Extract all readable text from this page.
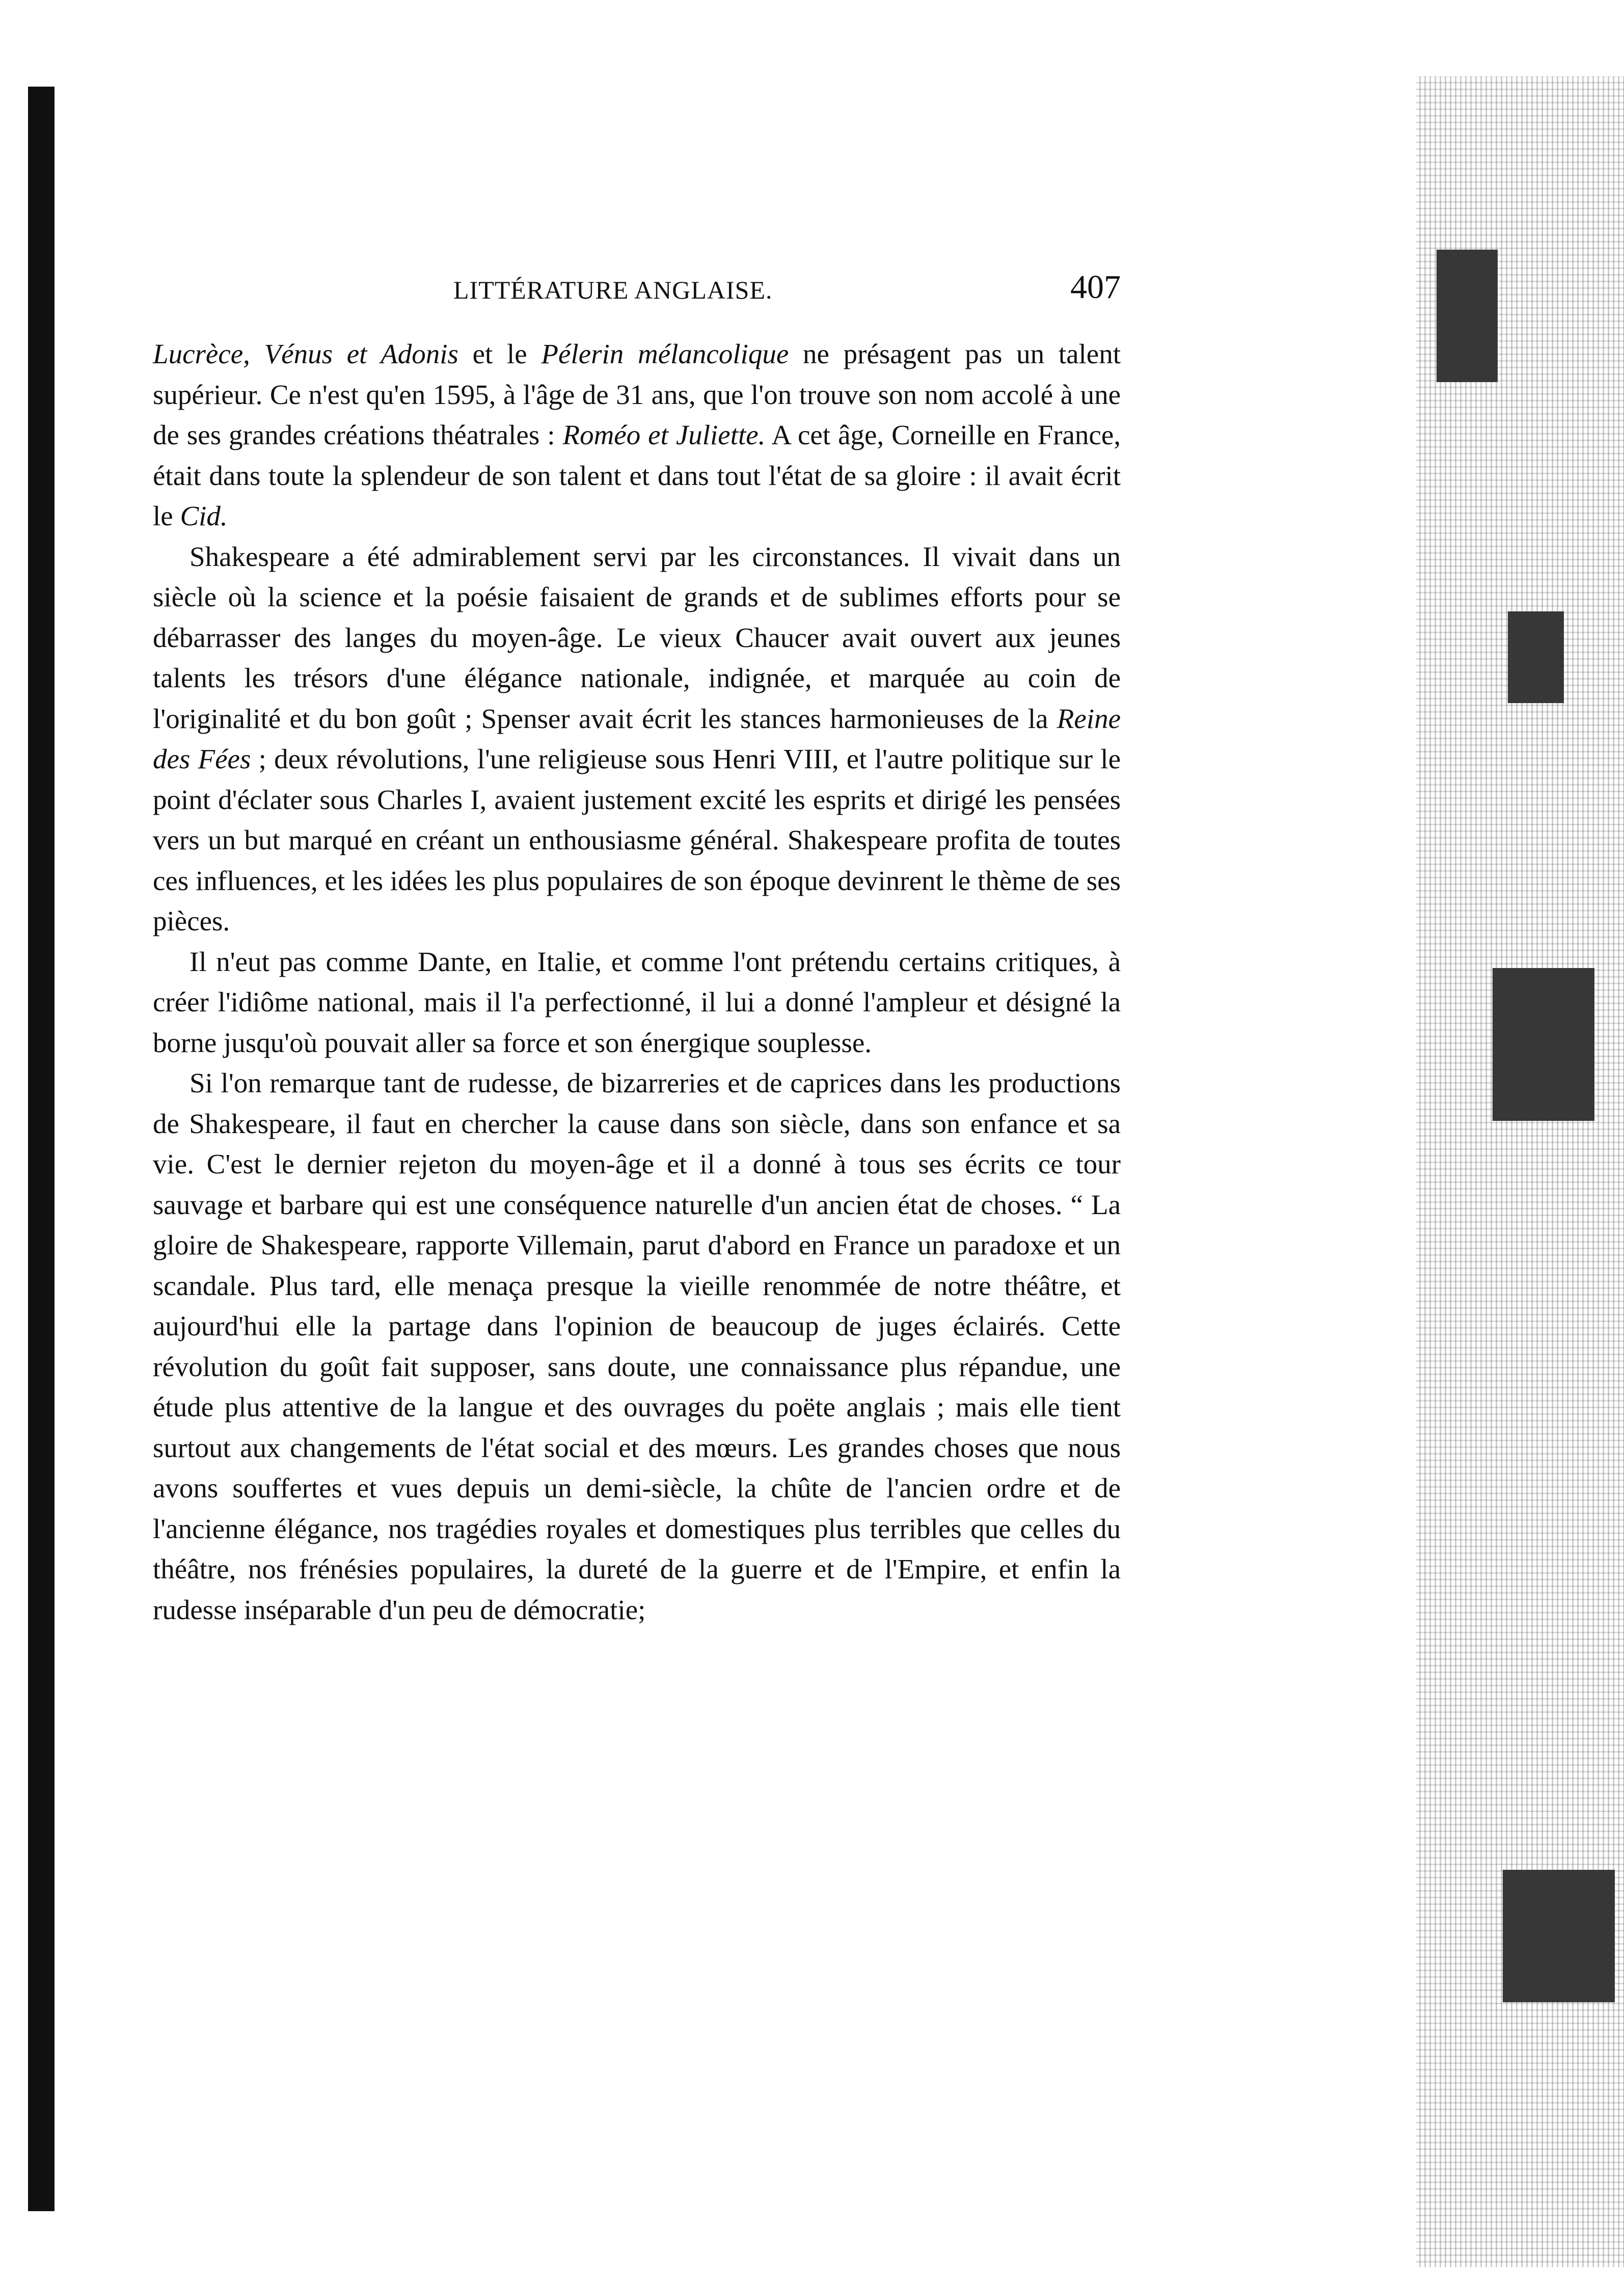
LITTÉRATURE ANGLAISE.	407

Lucrèce, Vénus et Adonis et le Pélerin mélancolique ne présagent pas un talent supérieur. Ce n'est qu'en 1595, à l'âge de 31 ans, que l'on trouve son nom accolé à une de ses grandes créations théatrales : Roméo et Juliette. A cet âge, Corneille en France, était dans toute la splendeur de son talent et dans tout l'état de sa gloire : il avait écrit le Cid.

Shakespeare a été admirablement servi par les circonstances. Il vivait dans un siècle où la science et la poésie faisaient de grands et de sublimes efforts pour se débarrasser des langes du moyen-âge. Le vieux Chaucer avait ouvert aux jeunes talents les trésors d'une élégance nationale, indignée, et marquée au coin de l'originalité et du bon goût ; Spenser avait écrit les stances harmonieuses de la Reine des Fées ; deux révolutions, l'une religieuse sous Henri VIII, et l'autre politique sur le point d'éclater sous Charles I, avaient justement excité les esprits et dirigé les pensées vers un but marqué en créant un enthousiasme général. Shakespeare profita de toutes ces influences, et les idées les plus populaires de son époque devinrent le thème de ses pièces.

Il n'eut pas comme Dante, en Italie, et comme l'ont prétendu certains critiques, à créer l'idiôme national, mais il l'a perfectionné, il lui a donné l'ampleur et désigné la borne jusqu'où pouvait aller sa force et son énergique souplesse.

Si l'on remarque tant de rudesse, de bizarreries et de caprices dans les productions de Shakespeare, il faut en chercher la cause dans son siècle, dans son enfance et sa vie. C'est le dernier rejeton du moyen-âge et il a donné à tous ses écrits ce tour sauvage et barbare qui est une conséquence naturelle d'un ancien état de choses. “ La gloire de Shakespeare, rapporte Villemain, parut d'abord en France un paradoxe et un scandale. Plus tard, elle menaça presque la vieille renommée de notre théâtre, et aujourd'hui elle la partage dans l'opinion de beaucoup de juges éclairés. Cette révolution du goût fait supposer, sans doute, une connaissance plus répandue, une étude plus attentive de la langue et des ouvrages du poëte anglais ; mais elle tient surtout aux changements de l'état social et des mœurs. Les grandes choses que nous avons souffertes et vues depuis un demi-siècle, la chûte de l'ancien ordre et de l'ancienne élégance, nos tragédies royales et domestiques plus terribles que celles du théâtre, nos frénésies populaires, la dureté de la guerre et de l'Empire, et enfin la rudesse inséparable d'un peu de démocratie;
